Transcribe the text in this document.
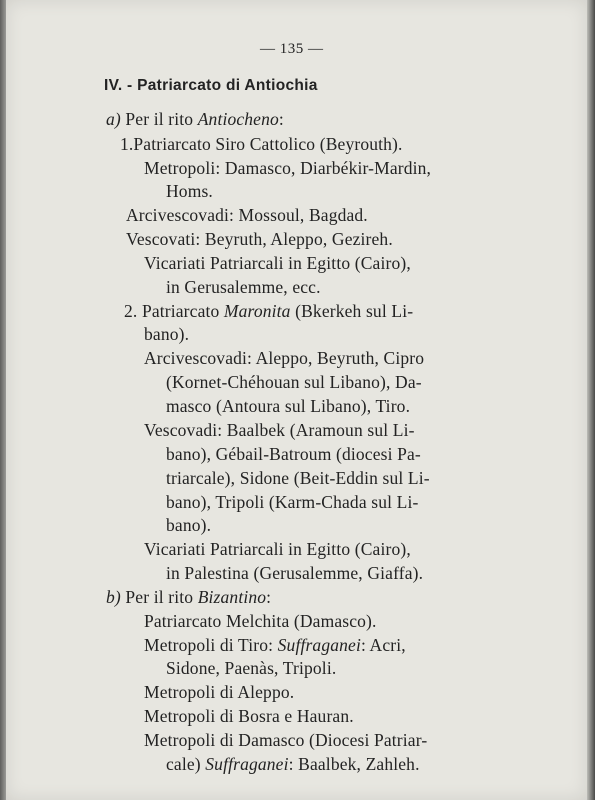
— 135 —

IV. - Patriarcato di Antiochia

a) Per il rito Antiocheno:

1.Patriarcato Siro Cattolico (Beyrouth).

Metropoli: Damasco, Diarbékir-Mardin,

Homs.

Arcivescovadi: Mossoul, Bagdad.

Vescovati: Beyruth, Aleppo, Gezireh.

Vicariati Patriarcali in Egitto (Cairo),

in Gerusalemme, ecc.

2. Patriarcato Maronita (Bkerkeh sul Li-

bano).

Arcivescovadi: Aleppo, Beyruth, Cipro

(Kornet-Chéhouan sul Libano), Da-

masco (Antoura sul Libano), Tiro.

Vescovadi: Baalbek (Aramoun sul Li-

bano), Gébail-Batroum (diocesi Pa-

triarcale), Sidone (Beit-Eddin sul Li-

bano), Tripoli (Karm-Chada sul Li-

bano).

Vicariati Patriarcali in Egitto (Cairo),

in Palestina (Gerusalemme, Giaffa).

b) Per il rito Bizantino:

Patriarcato Melchita (Damasco).

Metropoli di Tiro: Suffraganei: Acri,

Sidone, Paenàs, Tripoli.

Metropoli di Aleppo.

Metropoli di Bosra e Hauran.

Metropoli di Damasco (Diocesi Patriar-

cale) Suffraganei: Baalbek, Zahleh.
